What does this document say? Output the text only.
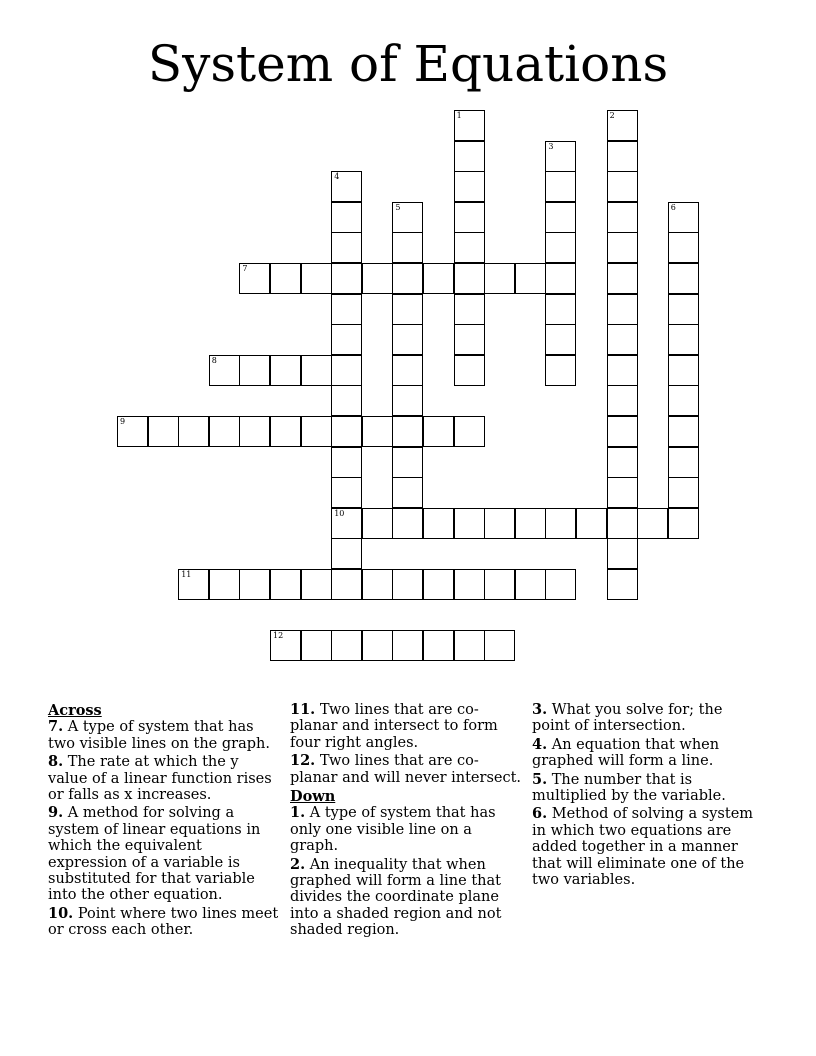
System of Equations
1	2
3
4
10
5	6
7
8
9
11
12
Across
7. A type of system that has two visible lines on the graph.
8. The rate at which the y value of a linear function rises or falls as x increases.
9. A method for solving a system of linear equations in which the equivalent expression of a variable is substituted for that variable into the other equation.
10. Point where two lines meet or cross each other.
11. Two lines that are co-planar and intersect to form four right angles.
12. Two lines that are co-planar and will never intersect.
Down
1. A type of system that has only one visible line on a graph.
2. An inequality that when graphed will form a line that divides the coordinate plane into a shaded region and not shaded region.
3. What you solve for; the point of intersection.
4. An equation that when graphed will form a line.
5. The number that is multiplied by the variable.
6. Method of solving a system in which two equations are added together in a manner that will eliminate one of the two variables.
